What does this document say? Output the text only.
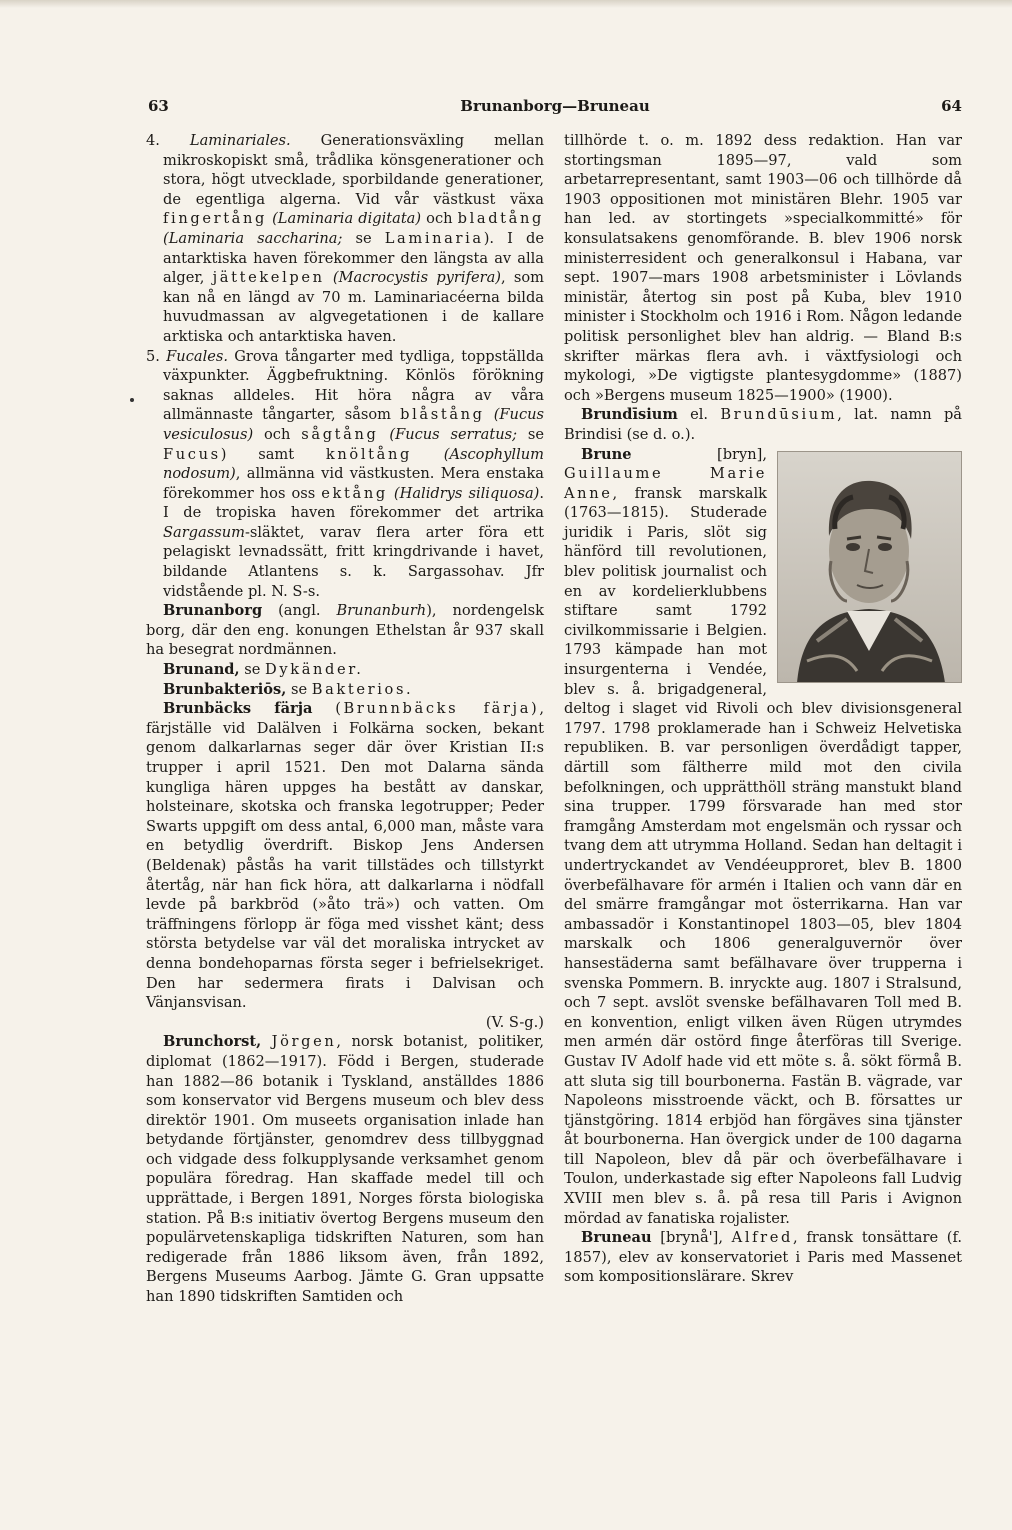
63	Brunanborg—Bruneau	64

4. Laminariales. Generationsväxling mellan mikroskopiskt små, trådlika könsgenerationer och stora, högt utvecklade, sporbildande generationer, de egentliga algerna. Vid vår västkust växa fingertång (Laminaria digitata) och bladtång (Laminaria saccharina; se Laminaria). I de antarktiska haven förekommer den längsta av alla alger, jättekelpen (Macrocystis pyrifera), som kan nå en längd av 70 m. Laminariacéerna bilda huvudmassan av algvegetationen i de kallare arktiska och antarktiska haven.

5. Fucales. Grova tångarter med tydliga, toppställda växpunkter. Äggbefruktning. Könlös förökning saknas alldeles. Hit höra några av våra allmännaste tångarter, såsom blåstång (Fucus vesiculosus) och sågtång (Fucus serratus; se Fucus) samt knöltång (Ascophyllum nodosum), allmänna vid västkusten. Mera enstaka förekommer hos oss ektång (Halidrys siliquosa). I de tropiska haven förekommer det artrika Sargassum-släktet, varav flera arter föra ett pelagiskt levnadssätt, fritt kringdrivande i havet, bildande Atlantens s. k. Sargassohav. Jfr vidstående pl. N. S-s.

Brunanborg (angl. Brunanburh), nordengelsk borg, där den eng. konungen Ethelstan år 937 skall ha besegrat nordmännen.

Brunand, se Dykänder.

Brunbakteriōs, se Bakterios.

Brunbäcks färja (Brunnbäcks färja), färjställe vid Dalälven i Folkärna socken, bekant genom dalkarlarnas seger där över Kristian II:s trupper i april 1521. Den mot Dalarna sända kungliga hären uppges ha bestått av danskar, holsteinare, skotska och franska legotrupper; Peder Swarts uppgift om dess antal, 6,000 man, måste vara en betydlig överdrift. Biskop Jens Andersen (Beldenak) påstås ha varit tillstädes och tillstyrkt återtåg, när han fick höra, att dalkarlarna i nödfall levde på barkbröd (»åto trä») och vatten. Om träffningens förlopp är föga med visshet känt; dess största betydelse var väl det moraliska intrycket av denna bondehoparnas första seger i befrielsekriget. Den har sedermera firats i Dalvisan och Vänjansvisan.

(V. S-g.)

Brunchorst, Jörgen, norsk botanist, politiker, diplomat (1862—1917). Född i Bergen, studerade han 1882—86 botanik i Tyskland, anställdes 1886 som konservator vid Bergens museum och blev dess direktör 1901. Om museets organisation inlade han betydande förtjänster, genomdrev dess tillbyggnad och vidgade dess folkupplysande verksamhet genom populära föredrag. Han skaffade medel till och upprättade, i Bergen 1891, Norges första biologiska station. På B:s initiativ övertog Bergens museum den populärvetenskapliga tidskriften Naturen, som han redigerade från 1886 liksom även, från 1892, Bergens Museums Aarbog. Jämte G. Gran uppsatte han 1890 tidskriften Samtiden och

tillhörde t. o. m. 1892 dess redaktion. Han var stortingsman 1895—97, vald som arbetarrepresentant, samt 1903—06 och tillhörde då 1903 oppositionen mot ministären Blehr. 1905 var han led. av stortingets »specialkommitté» för konsulatsakens genomförande. B. blev 1906 norsk ministerresident och generalkonsul i Habana, var sept. 1907—mars 1908 arbetsminister i Lövlands ministär, återtog sin post på Kuba, blev 1910 minister i Stockholm och 1916 i Rom. Någon ledande politisk personlighet blev han aldrig. — Bland B:s skrifter märkas flera avh. i växtfysiologi och mykologi, »De vigtigste plantesygdomme» (1887) och »Bergens museum 1825—1900» (1900).

Brundīsium el. Brundūsium, lat. namn på Brindisi (se d. o.).

Brune [bryn], Guillaume Marie Anne, fransk marskalk (1763—1815). Studerade juridik i Paris, slöt sig hänförd till revolutionen, blev politisk journalist och en av kordelierklubbens stiftare samt 1792 civilkommissarie i Belgien. 1793 kämpade han mot insurgenterna i Vendée, blev s. å. brigadgeneral, deltog i slaget vid Rivoli och blev divisionsgeneral 1797. 1798 proklamerade han i Schweiz Helvetiska republiken. B. var personligen överdådigt tapper, därtill som fältherre mild mot den civila befolkningen, och upprätthöll sträng manstukt bland sina trupper. 1799 försvarade han med stor framgång Amsterdam mot engelsmän och ryssar och tvang dem att utrymma Holland. Sedan han deltagit i undertryckandet av Vendéeupproret, blev B. 1800 överbefälhavare för armén i Italien och vann där en del smärre framgångar mot österrikarna. Han var ambassadör i Konstantinopel 1803—05, blev 1804 marskalk och 1806 generalguvernör över hansestäderna samt befälhavare över trupperna i svenska Pommern. B. inryckte aug. 1807 i Stralsund, och 7 sept. avslöt svenske befälhavaren Toll med B. en konvention, enligt vilken även Rügen utrymdes men armén där ostörd finge återföras till Sverige. Gustav IV Adolf hade vid ett möte s. å. sökt förmå B. att sluta sig till bourbonerna. Fastän B. vägrade, var Napoleons misstroende väckt, och B. försattes ur tjänstgöring. 1814 erbjöd han förgäves sina tjänster åt bourbonerna. Han övergick under de 100 dagarna till Napoleon, blev då pär och överbefälhavare i Toulon, underkastade sig efter Napoleons fall Ludvig XVIII men blev s. å. på resa till Paris i Avignon mördad av fanatiska rojalister.

Bruneau [brynå'], Alfred, fransk tonsättare (f. 1857), elev av konservatoriet i Paris med Massenet som kompositionslärare. Skrev
